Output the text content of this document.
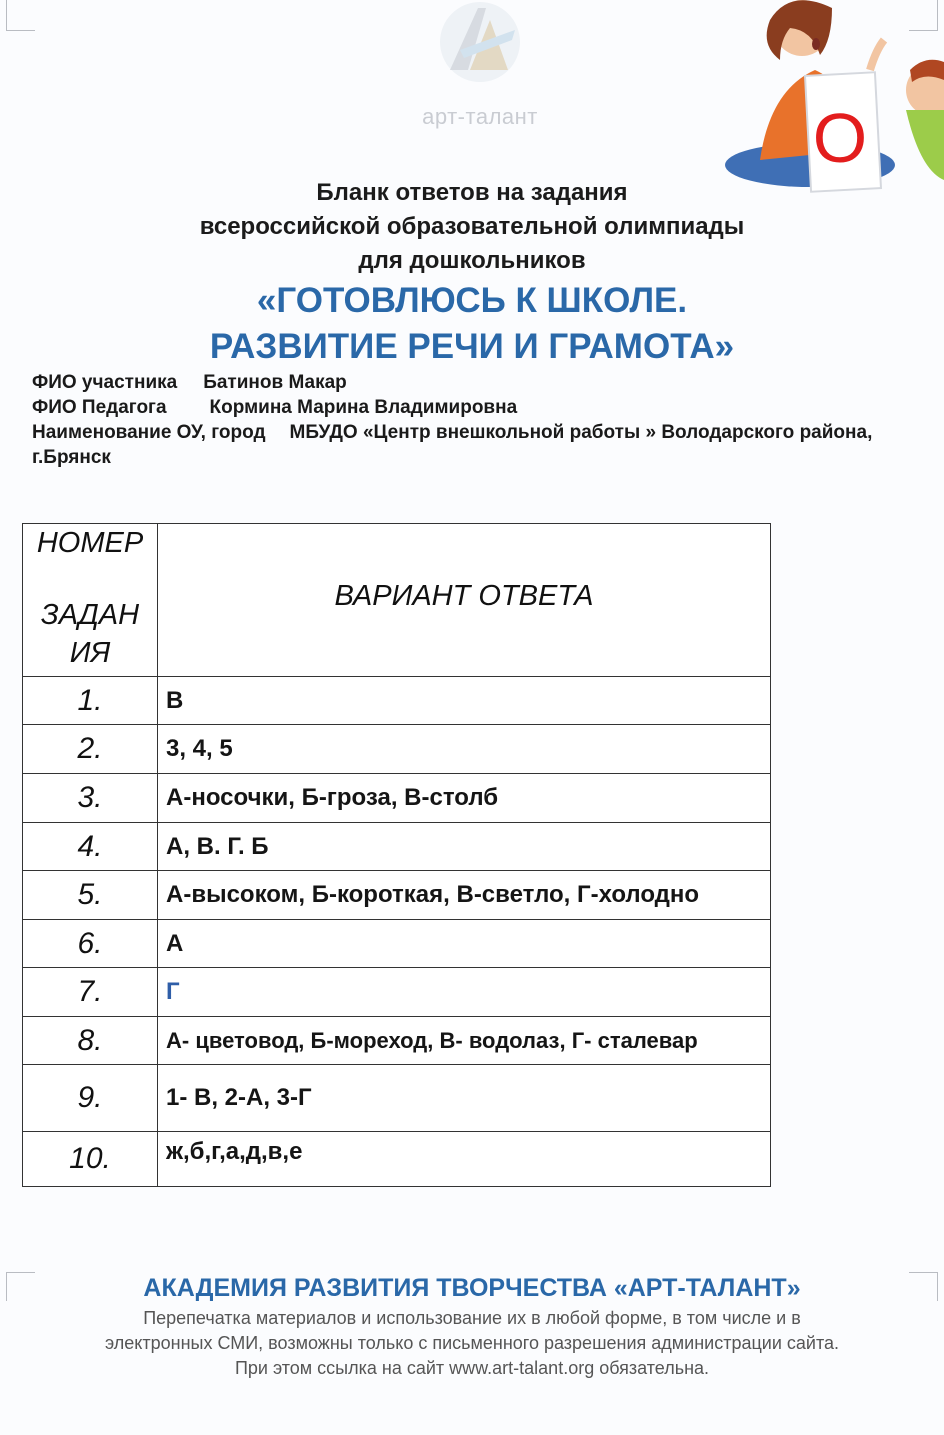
арт-талант	О
Бланк ответов на задания
всероссийской образовательной олимпиады
для дошкольников
«ГОТОВЛЮСЬ К ШКОЛЕ.
РАЗВИТИЕ РЕЧИ И ГРАМОТА»
ФИО участника Батинов Макар
ФИО Педагога Кормина Марина Владимировна
Наименование ОУ, город МБУДО «Центр внешкольной работы » Володарского района,
г.Брянск
НОМЕР
ЗАДАН
ИЯ	ВАРИАНТ ОТВЕТА
1.	В
2.	3, 4, 5
3.	А-носочки, Б-гроза, В-столб
4.	А, В. Г. Б
5.	А-высоком, Б-короткая, В-светло, Г-холодно
6.	А
7.	Г
8.	А- цветовод, Б-мореход, В- водолаз, Г- сталевар
9.	1- В, 2-А, 3-Г
10.	ж,б,г,а,д,в,е
АКАДЕМИЯ РАЗВИТИЯ ТВОРЧЕСТВА «АРТ-ТАЛАНТ»
Перепечатка материалов и использование их в любой форме, в том числе и в
электронных СМИ, возможны только с письменного разрешения администрации сайта.
При этом ссылка на сайт www.art-talant.org обязательна.
